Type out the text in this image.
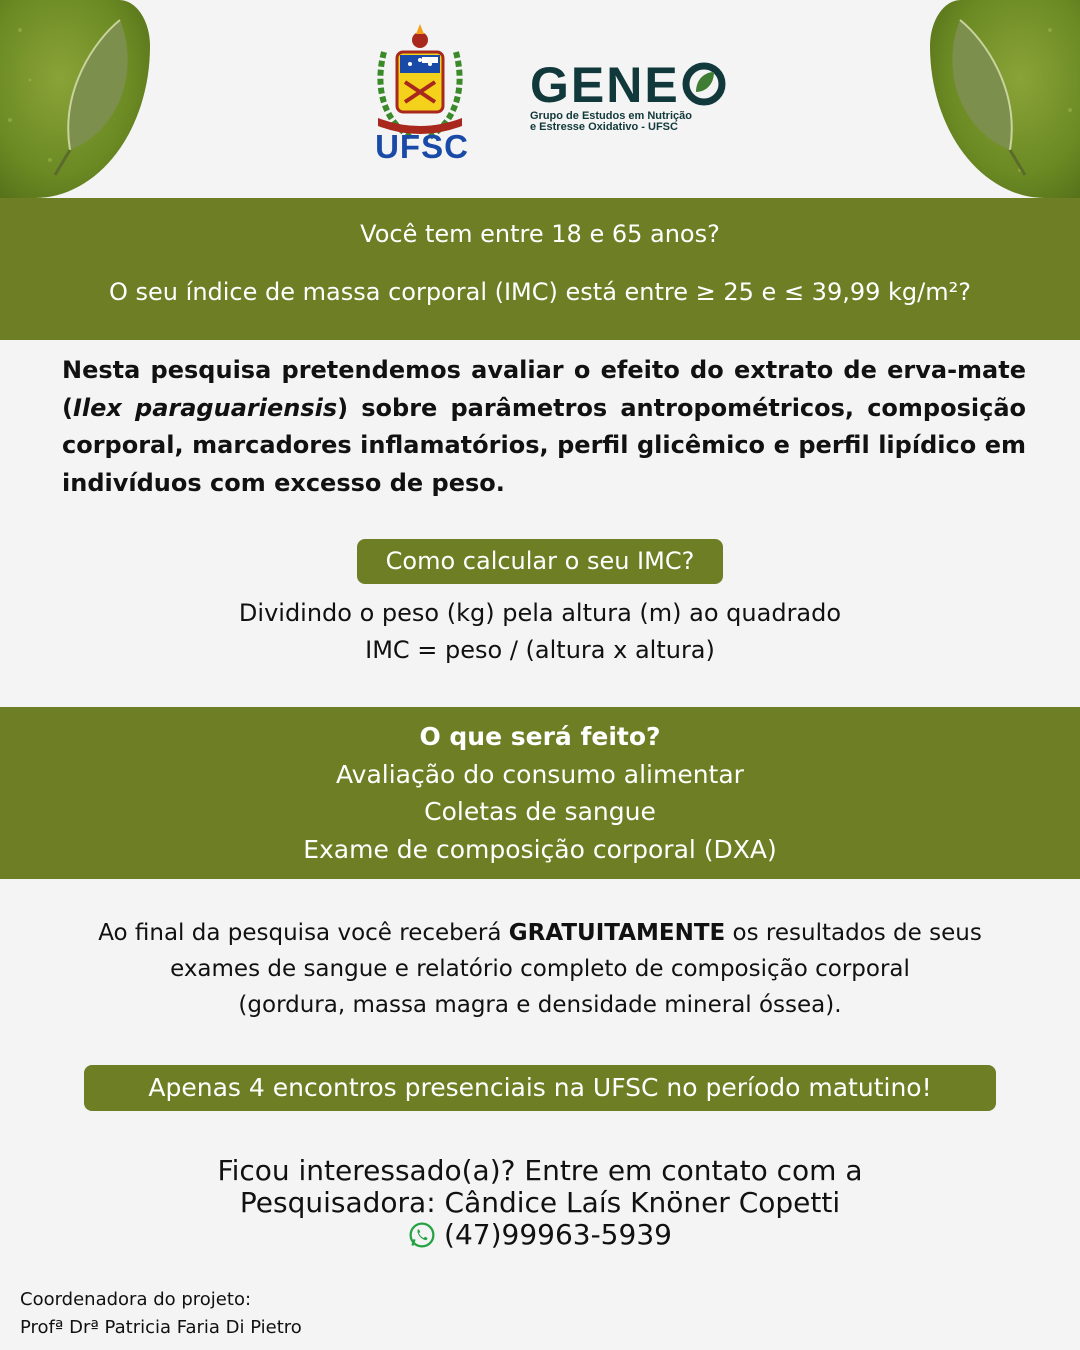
UFSC
GENE
Grupo de Estudos em Nutrição
e Estresse Oxidativo - UFSC
Você tem entre 18 e 65 anos?
O seu índice de massa corporal (IMC) está entre ≥ 25 e ≤ 39,99 kg/m²?
Nesta pesquisa pretendemos avaliar o efeito do extrato de erva-mate (Ilex paraguariensis) sobre parâmetros antropométricos, composição corporal, marcadores inflamatórios, perfil glicêmico e perfil lipídico em indivíduos com excesso de peso.
Como calcular o seu IMC?
Dividindo o peso (kg) pela altura (m) ao quadrado
IMC = peso / (altura x altura)
O que será feito?
Avaliação do consumo alimentar
Coletas de sangue
Exame de composição corporal (DXA)
Ao final da pesquisa você receberá GRATUITAMENTE os resultados de seus
exames de sangue e relatório completo de composição corporal
(gordura, massa magra e densidade mineral óssea).
Apenas 4 encontros presenciais na UFSC no período matutino!
Ficou interessado(a)? Entre em contato com a
Pesquisadora: Cândice Laís Knöner Copetti
(47)99963-5939
Coordenadora do projeto:
Profª Drª Patricia Faria Di Pietro
